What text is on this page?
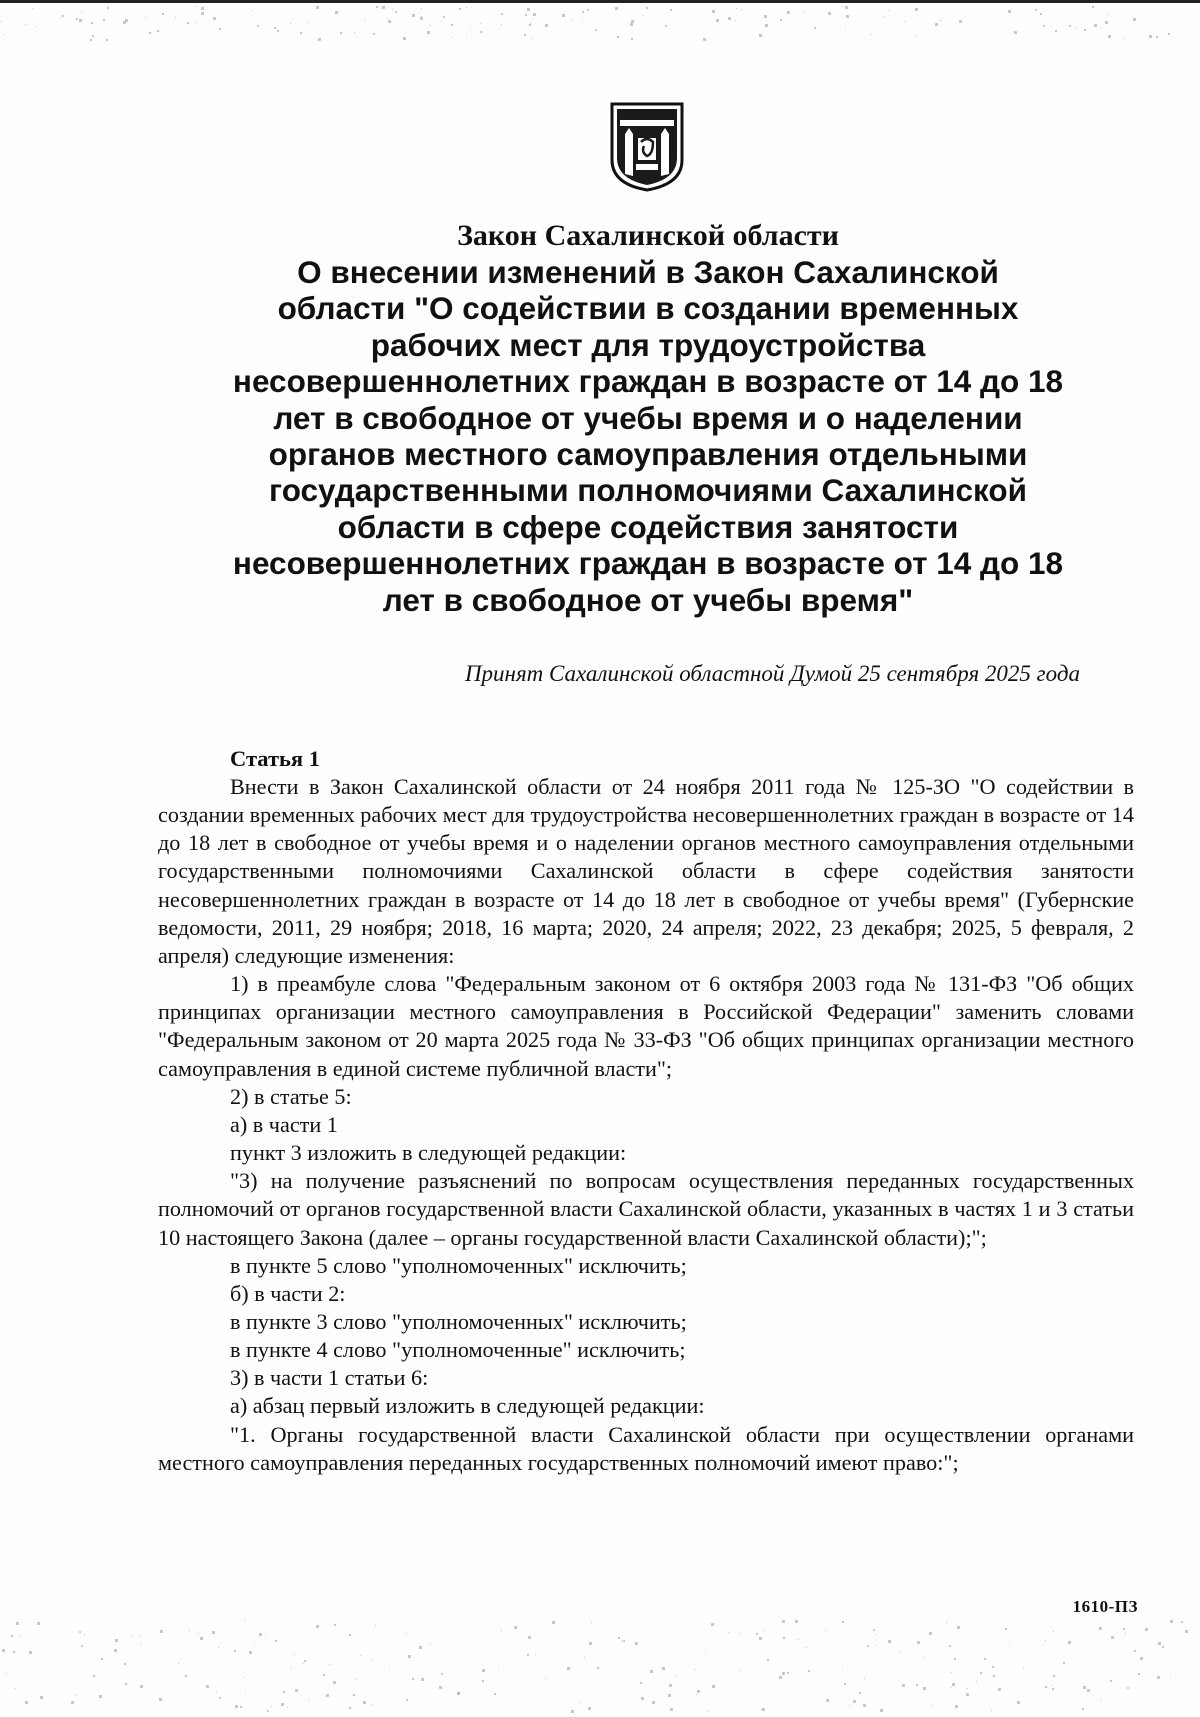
Закон Сахалинской области

О внесении изменений в Закон Сахалинской
области "О содействии в создании временных
рабочих мест для трудоустройства
несовершеннолетних граждан в возрасте от 14 до 18
лет в свободное от учебы время и о наделении
органов местного самоуправления отдельными
государственными полномочиями Сахалинской
области в сфере содействия занятости
несовершеннолетних граждан в возрасте от 14 до 18
лет в свободное от учебы время"
Принят Сахалинской областной Думой 25 сентября 2025 года

Статья 1

Внести в Закон Сахалинской области от 24 ноября 2011 года № 125-ЗО "О содействии в создании временных рабочих мест для трудоустройства несовершеннолетних граждан в возрасте от 14 до 18 лет в свободное от учебы время и о наделении органов местного самоуправления отдельными государственными полномочиями Сахалинской области в сфере содействия занятости несовершеннолетних граждан в возрасте от 14 до 18 лет в свободное от учебы время" (Губернские ведомости, 2011, 29 ноября; 2018, 16 марта; 2020, 24 апреля; 2022, 23 декабря; 2025, 5 февраля, 2 апреля) следующие изменения:

1) в преамбуле слова "Федеральным законом от 6 октября 2003 года № 131-ФЗ "Об общих принципах организации местного самоуправления в Российской Федерации" заменить словами "Федеральным законом от 20 марта 2025 года № 33-ФЗ "Об общих принципах организации местного самоуправления в единой системе публичной власти";

2) в статье 5:

а) в части 1

пункт 3 изложить в следующей редакции:

"3) на получение разъяснений по вопросам осуществления переданных государственных полномочий от органов государственной власти Сахалинской области, указанных в частях 1 и 3 статьи 10 настоящего Закона (далее – органы государственной власти Сахалинской области);";

в пункте 5 слово "уполномоченных" исключить;

б) в части 2:

в пункте 3 слово "уполномоченных" исключить;

в пункте 4 слово "уполномоченные" исключить;

3) в части 1 статьи 6:

а) абзац первый изложить в следующей редакции:

"1. Органы государственной власти Сахалинской области при осуществлении органами местного самоуправления переданных государственных полномочий имеют право:";

1610-ПЗ
